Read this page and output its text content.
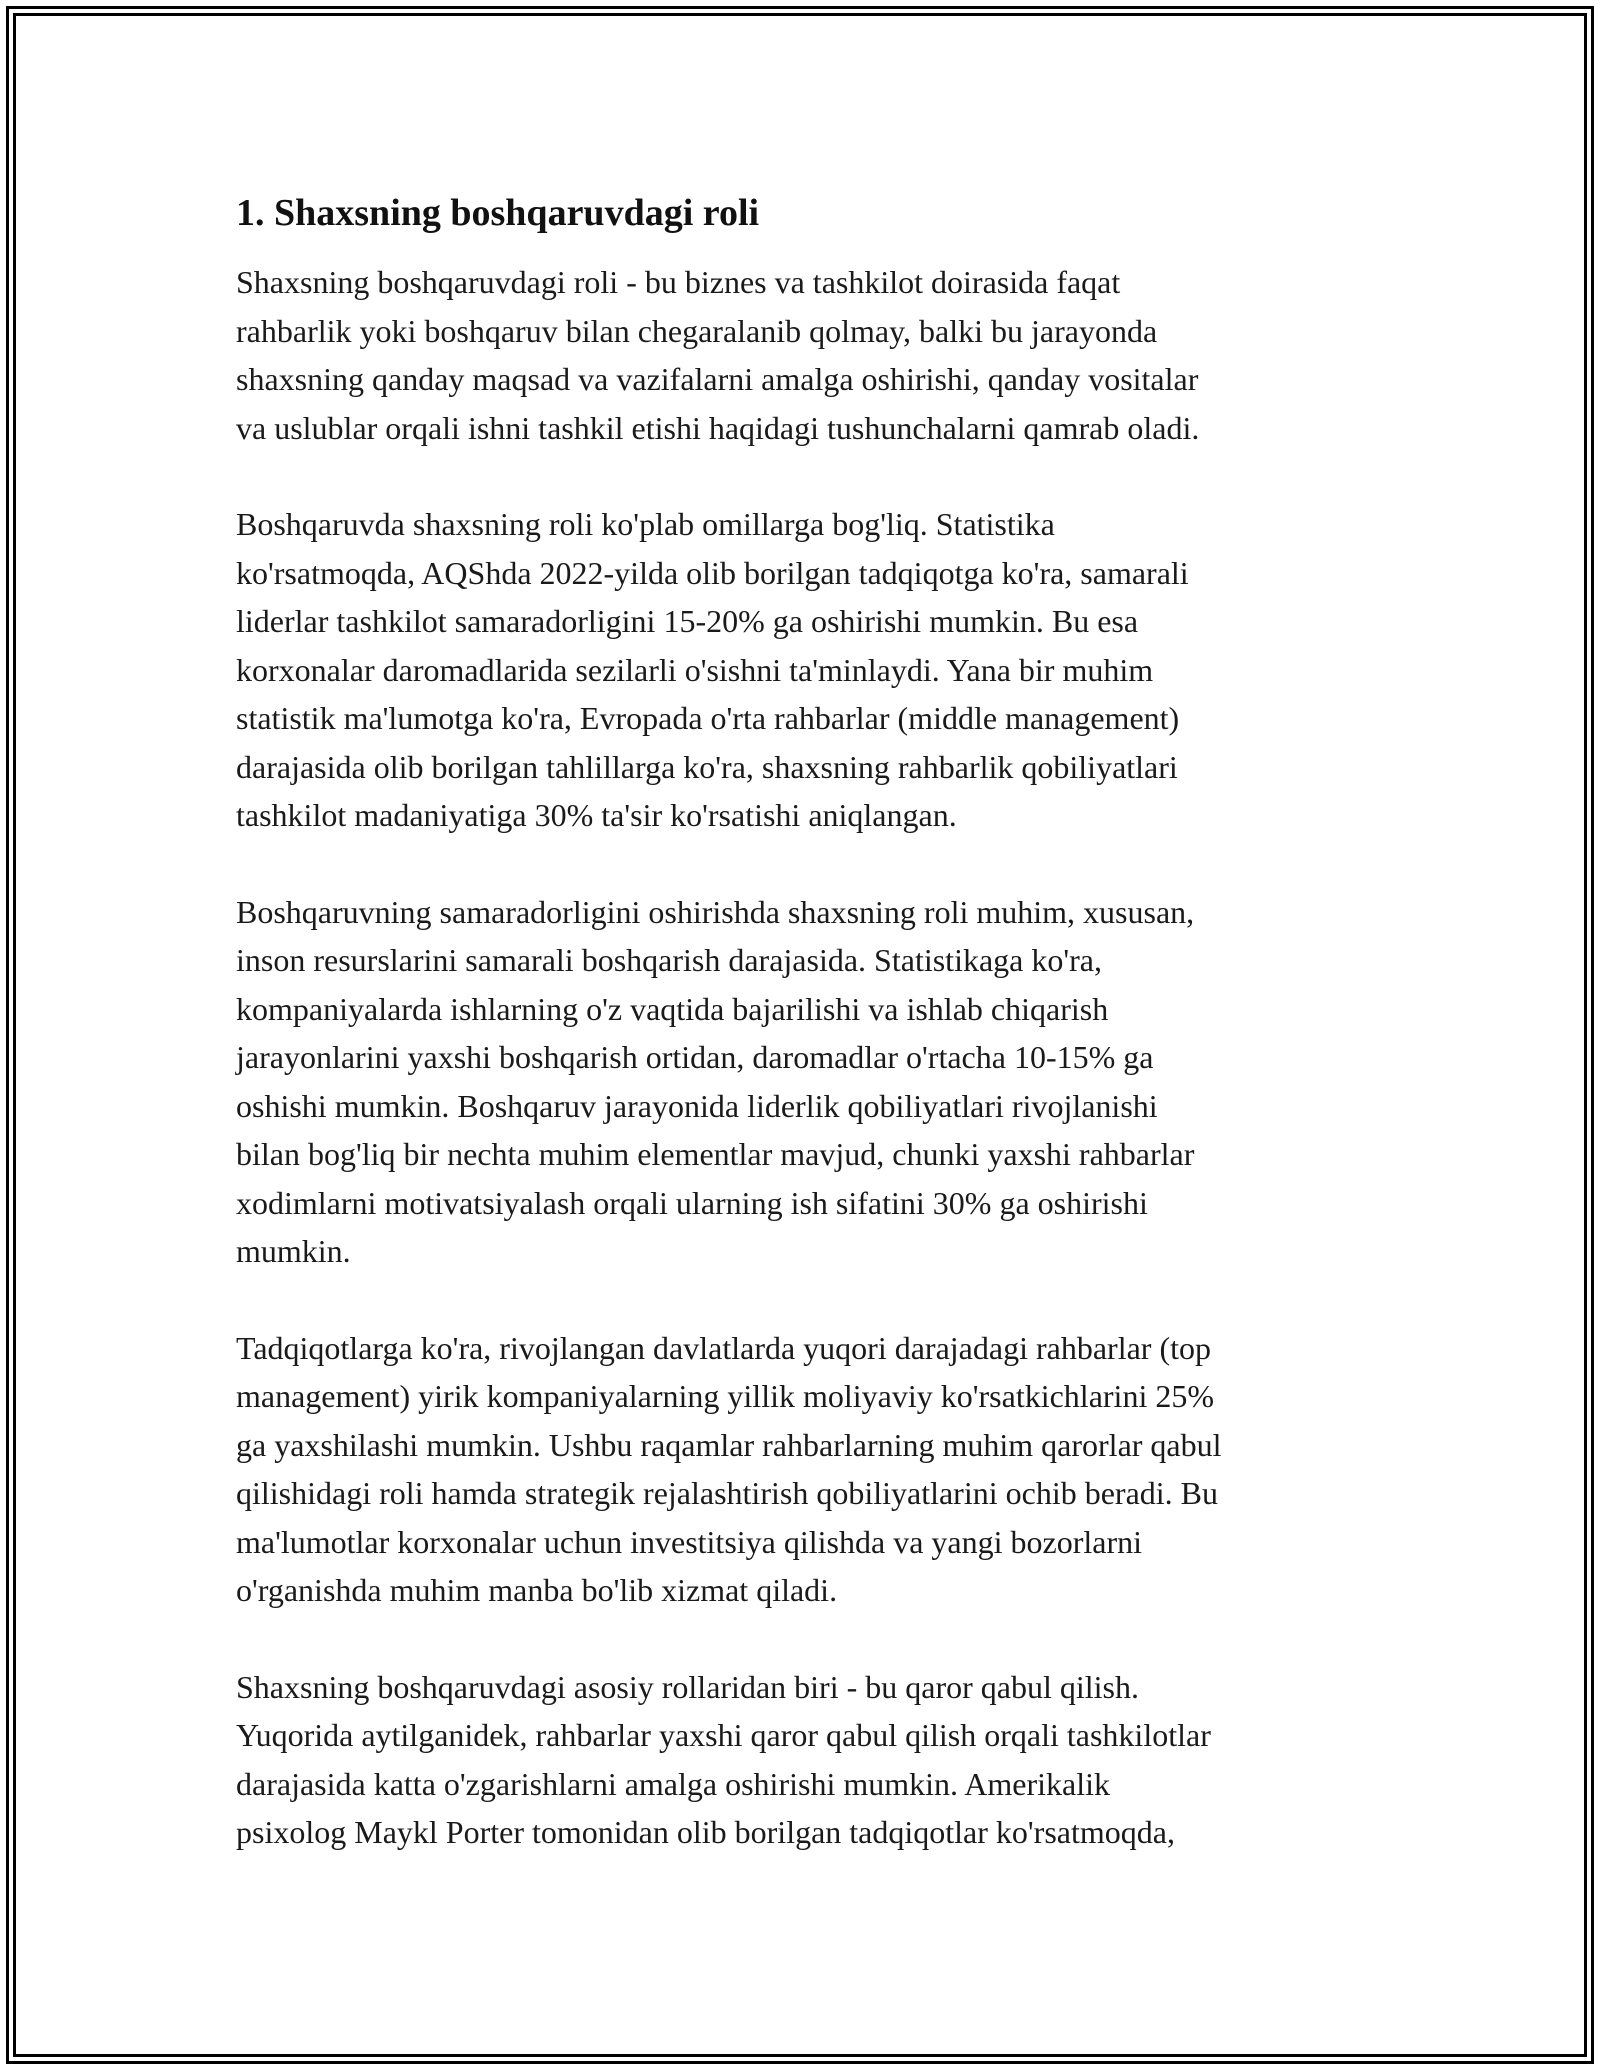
1. Shaxsning boshqaruvdagi roli

Shaxsning boshqaruvdagi roli - bu biznes va tashkilot doirasida faqat
rahbarlik yoki boshqaruv bilan chegaralanib qolmay, balki bu jarayonda
shaxsning qanday maqsad va vazifalarni amalga oshirishi, qanday vositalar
va uslublar orqali ishni tashkil etishi haqidagi tushunchalarni qamrab oladi.

Boshqaruvda shaxsning roli ko'plab omillarga bog'liq. Statistika
ko'rsatmoqda, AQShda 2022-yilda olib borilgan tadqiqotga ko'ra, samarali
liderlar tashkilot samaradorligini 15-20% ga oshirishi mumkin. Bu esa
korxonalar daromadlarida sezilarli o'sishni ta'minlaydi. Yana bir muhim
statistik ma'lumotga ko'ra, Evropada o'rta rahbarlar (middle management)
darajasida olib borilgan tahlillarga ko'ra, shaxsning rahbarlik qobiliyatlari
tashkilot madaniyatiga 30% ta'sir ko'rsatishi aniqlangan.

Boshqaruvning samaradorligini oshirishda shaxsning roli muhim, xususan,
inson resurslarini samarali boshqarish darajasida. Statistikaga ko'ra,
kompaniyalarda ishlarning o'z vaqtida bajarilishi va ishlab chiqarish
jarayonlarini yaxshi boshqarish ortidan, daromadlar o'rtacha 10-15% ga
oshishi mumkin. Boshqaruv jarayonida liderlik qobiliyatlari rivojlanishi
bilan bog'liq bir nechta muhim elementlar mavjud, chunki yaxshi rahbarlar
xodimlarni motivatsiyalash orqali ularning ish sifatini 30% ga oshirishi
mumkin.

Tadqiqotlarga ko'ra, rivojlangan davlatlarda yuqori darajadagi rahbarlar (top
management) yirik kompaniyalarning yillik moliyaviy ko'rsatkichlarini 25%
ga yaxshilashi mumkin. Ushbu raqamlar rahbarlarning muhim qarorlar qabul
qilishidagi roli hamda strategik rejalashtirish qobiliyatlarini ochib beradi. Bu
ma'lumotlar korxonalar uchun investitsiya qilishda va yangi bozorlarni
o'rganishda muhim manba bo'lib xizmat qiladi.

Shaxsning boshqaruvdagi asosiy rollaridan biri - bu qaror qabul qilish.
Yuqorida aytilganidek, rahbarlar yaxshi qaror qabul qilish orqali tashkilotlar
darajasida katta o'zgarishlarni amalga oshirishi mumkin. Amerikalik
psixolog Maykl Porter tomonidan olib borilgan tadqiqotlar ko'rsatmoqda,
